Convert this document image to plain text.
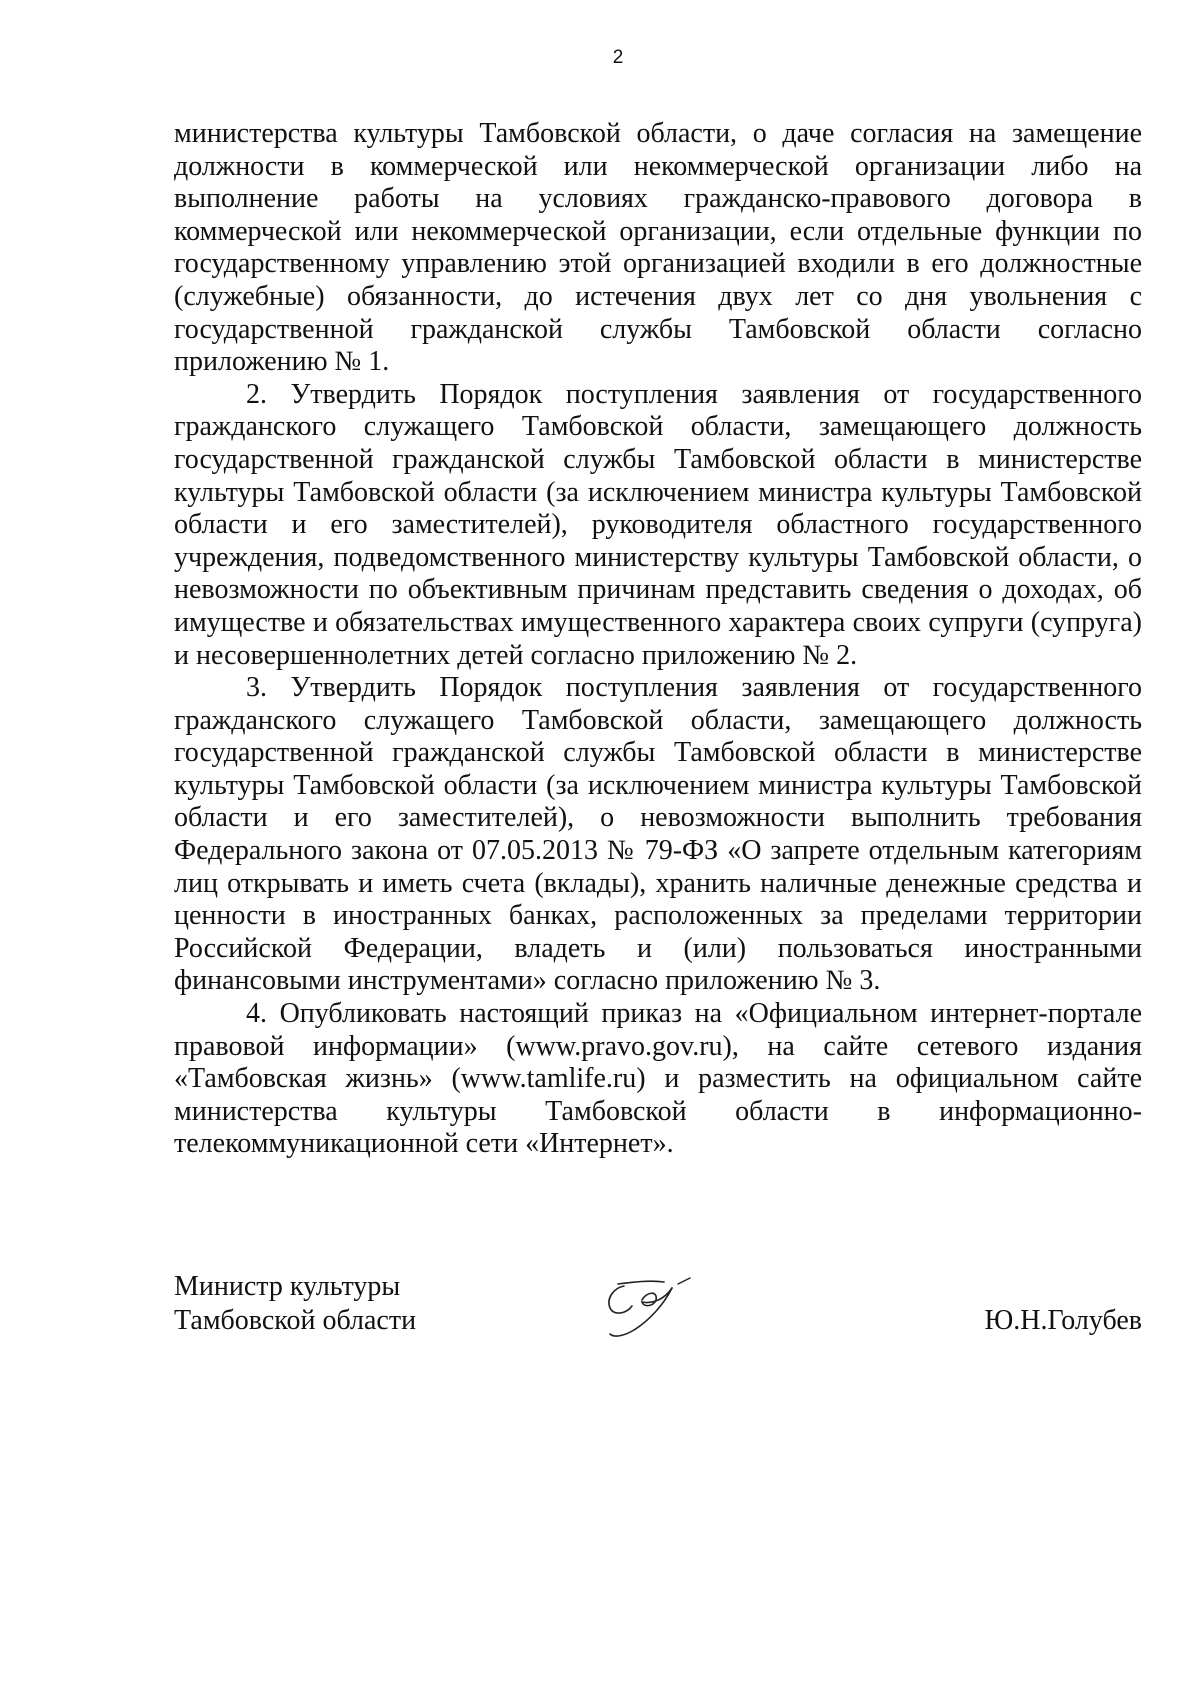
2

министерства культуры Тамбовской области, о даче согласия на замещение должности в коммерческой или некоммерческой организации либо на выполнение работы на условиях гражданско-правового договора в коммерческой или некоммерческой организации, если отдельные функции по государственному управлению этой организацией входили в его должностные (служебные) обязанности, до истечения двух лет со дня увольнения с государственной гражданской службы Тамбовской области согласно приложению № 1.

2. Утвердить Порядок поступления заявления от государственного гражданского служащего Тамбовской области, замещающего должность государственной гражданской службы Тамбовской области в министерстве культуры Тамбовской области (за исключением министра культуры Тамбовской области и его заместителей), руководителя областного государственного учреждения, подведомственного министерству культуры Тамбовской области, о невозможности по объективным причинам представить сведения о доходах, об имуществе и обязательствах имущественного характера своих супруги (супруга) и несовершеннолетних детей согласно приложению № 2.

3. Утвердить Порядок поступления заявления от государственного гражданского служащего Тамбовской области, замещающего должность государственной гражданской службы Тамбовской области в министерстве культуры Тамбовской области (за исключением министра культуры Тамбовской области и его заместителей), о невозможности выполнить требования Федерального закона от 07.05.2013 № 79-ФЗ «О запрете отдельным категориям лиц открывать и иметь счета (вклады), хранить наличные денежные средства и ценности в иностранных банках, расположенных за пределами территории Российской Федерации, владеть и (или) пользоваться иностранными финансовыми инструментами» согласно приложению № 3.

4. Опубликовать настоящий приказ на «Официальном интернет-портале правовой информации» (www.pravo.gov.ru), на сайте сетевого издания «Тамбовская жизнь» (www.tamlife.ru) и разместить на официальном сайте министерства культуры Тамбовской области в информационно-телекоммуникационной сети «Интернет».

Министр культуры
Тамбовской области	Ю.Н.Голубев
